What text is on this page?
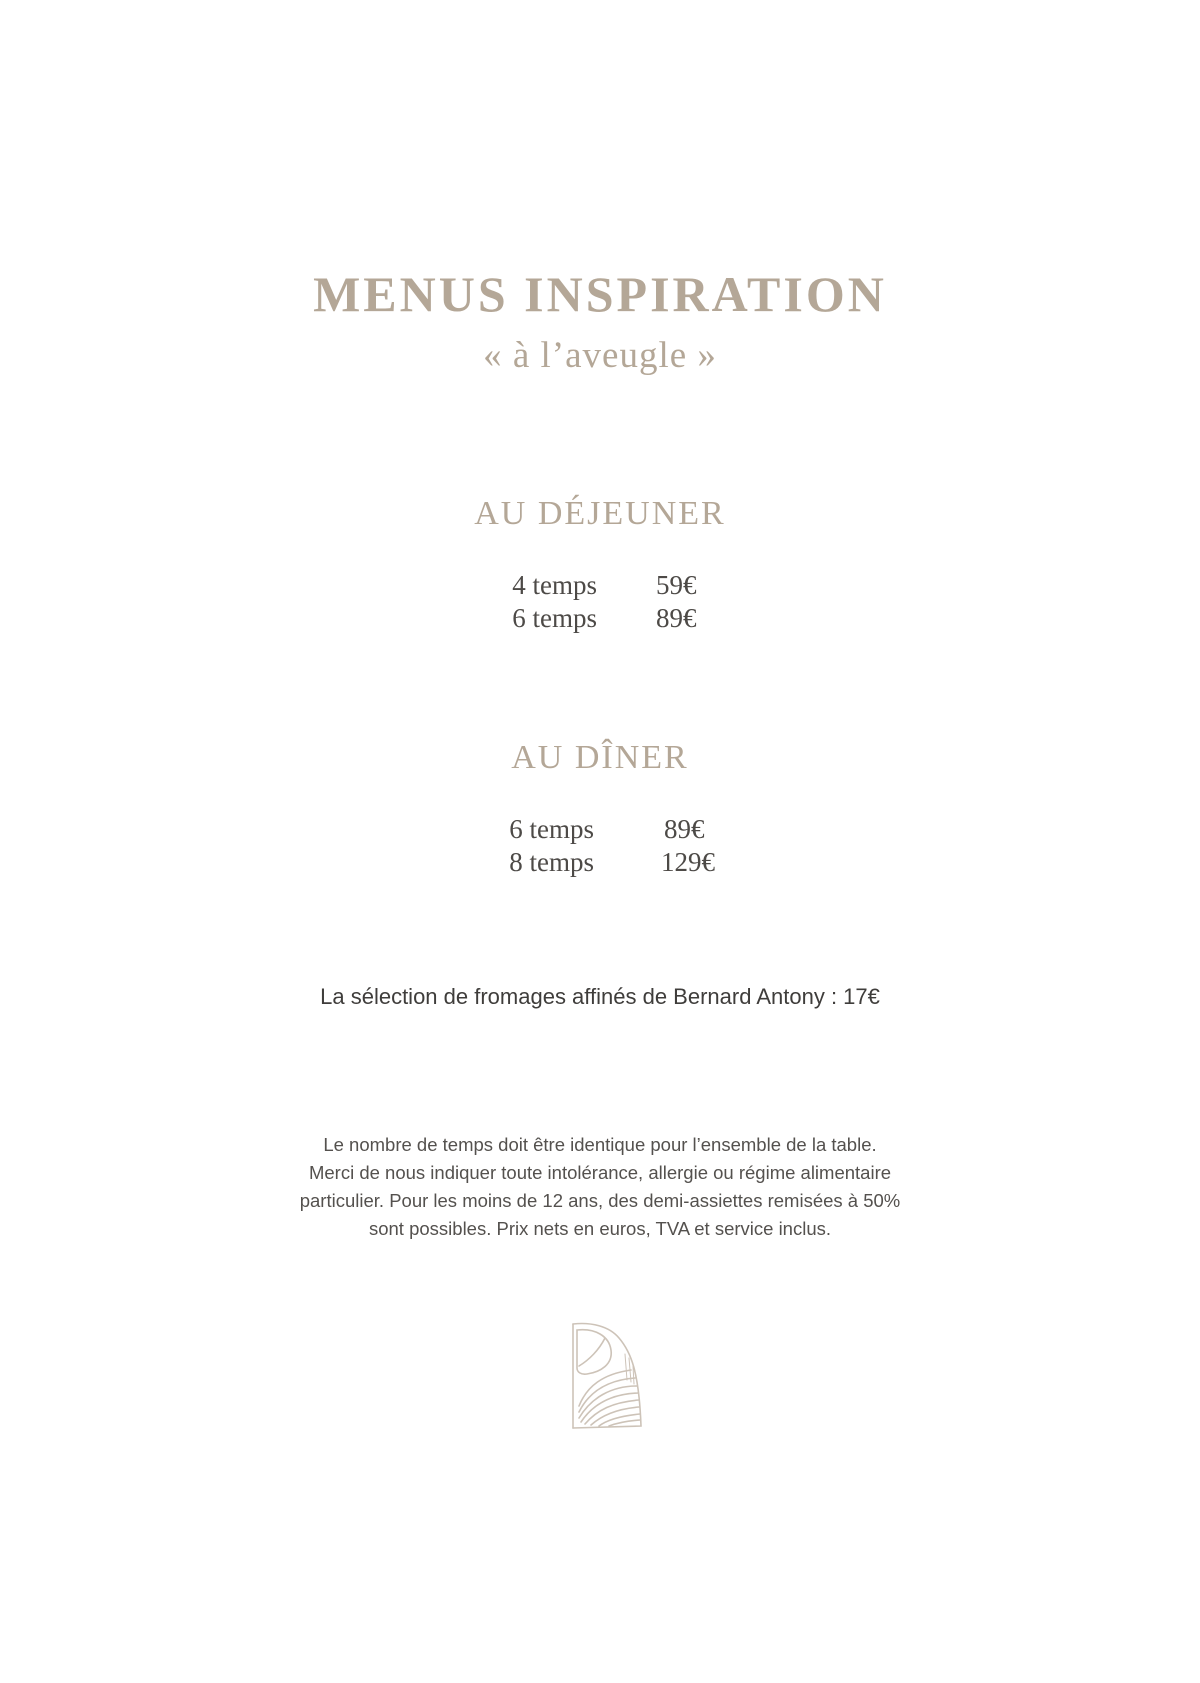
MENUS INSPIRATION
« à l’aveugle »
AU DÉJEUNER
4 temps 59€
6 temps 89€
AU DÎNER
6 temps	89€
8 temps 129€
La sélection de fromages affinés de Bernard Antony : 17€
Le nombre de temps doit être identique pour l’ensemble de la table.
Merci de nous indiquer toute intolérance, allergie ou régime alimentaire
particulier. Pour les moins de 12 ans, des demi-assiettes remisées à 50%
sont possibles. Prix nets en euros, TVA et service inclus.
